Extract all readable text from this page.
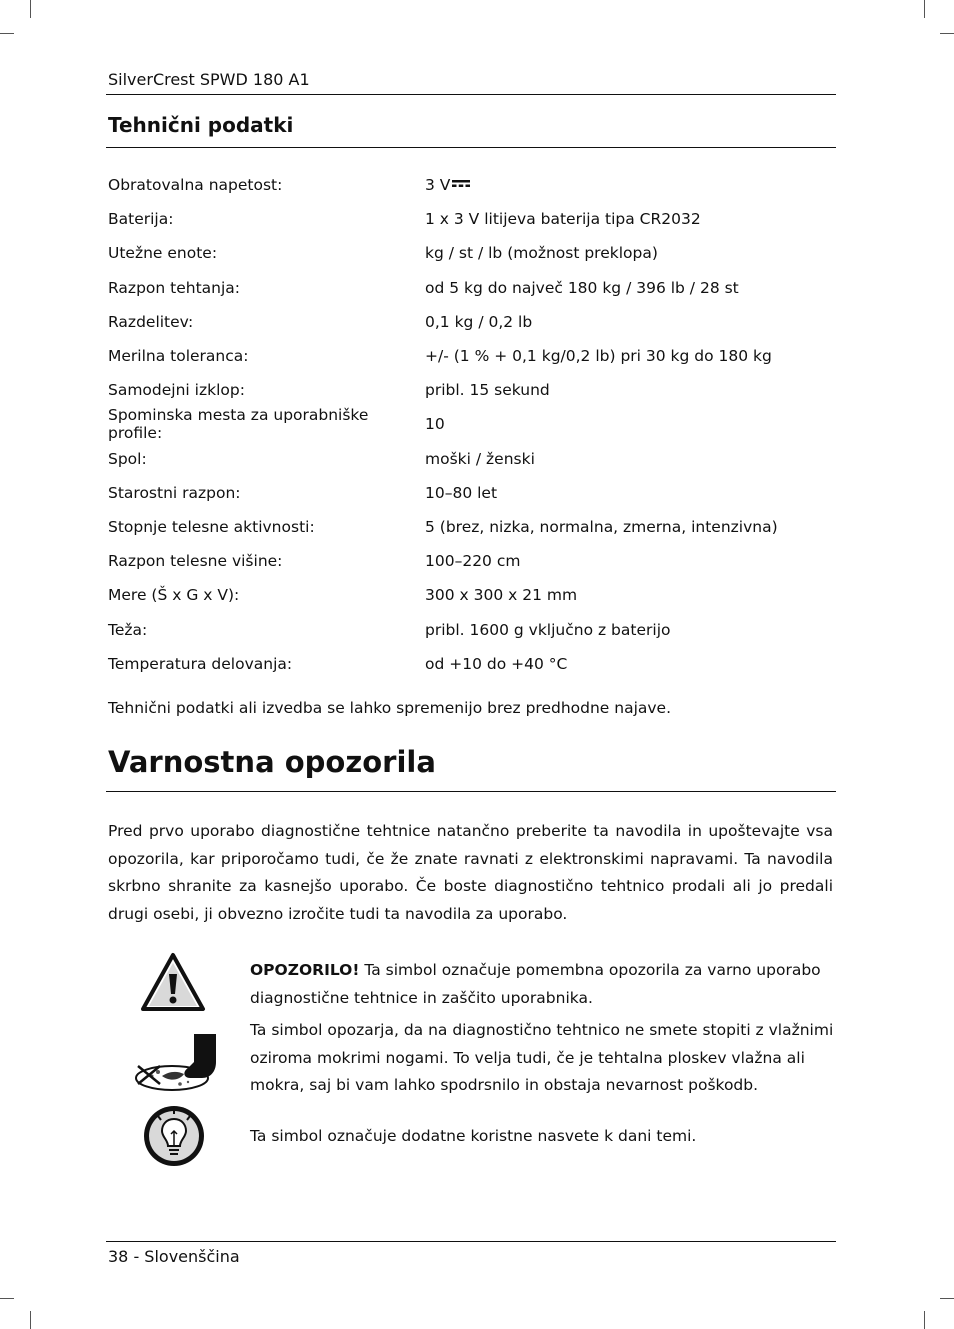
SilverCrest SPWD 180 A1
Tehnični podatki
Obratovalna napetost:	3 V
Baterija:	1 x 3 V litijeva baterija tipa CR2032
Utežne enote:	kg / st / lb (možnost preklopa)
Razpon tehtanja:	od 5 kg do največ 180 kg / 396 lb / 28 st
Razdelitev:	0,1 kg / 0,2 lb
Merilna toleranca:	+/- (1 % + 0,1 kg/0,2 lb) pri 30 kg do 180 kg
Samodejni izklop:	pribl. 15 sekund
Spominska mesta za uporabniške profile:	10
Spol:	moški / ženski
Starostni razpon:	10–80 let
Stopnje telesne aktivnosti:	5 (brez, nizka, normalna, zmerna, intenzivna)
Razpon telesne višine:	100–220 cm
Mere (Š x G x V):	300 x 300 x 21 mm
Teža:	pribl. 1600 g vključno z baterijo
Temperatura delovanja:	od +10 do +40 °C
Tehnični podatki ali izvedba se lahko spremenijo brez predhodne najave.
Varnostna opozorila
Pred prvo uporabo diagnostične tehtnice natančno preberite ta navodila in upoštevajte vsa opozorila, kar priporočamo tudi, če že znate ravnati z elektronskimi napravami. Ta navodila skrbno shranite za kasnejšo uporabo. Če boste diagnostično tehtnico prodali ali jo predali drugi osebi, ji obvezno izročite tudi ta navodila za uporabo.
OPOZORILO! Ta simbol označuje pomembna opozorila za varno uporabo diagnostične tehtnice in zaščito uporabnika.
Ta simbol opozarja, da na diagnostično tehtnico ne smete stopiti z vlažnimi oziroma mokrimi nogami. To velja tudi, če je tehtalna ploskev vlažna ali mokra, saj bi vam lahko spodrsnilo in obstaja nevarnost poškodb.
Ta simbol označuje dodatne koristne nasvete k dani temi.
38 - Slovenščina
